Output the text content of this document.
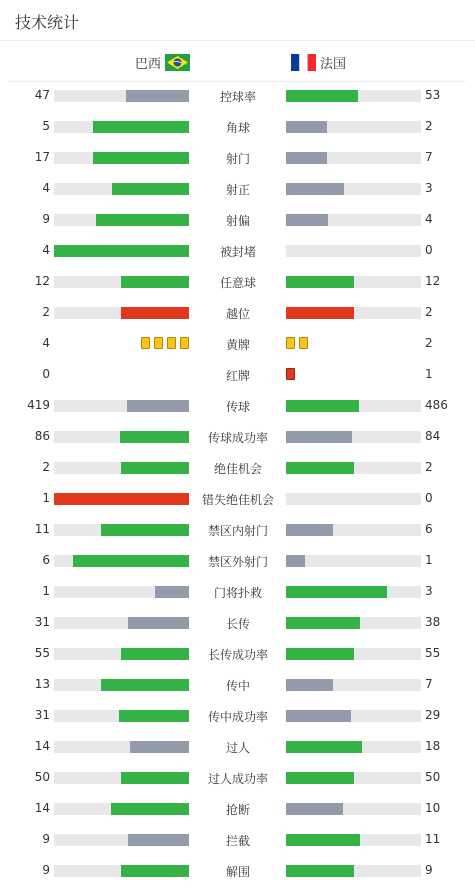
技术统计
巴西	法国
47	控球率	53
5	角球	2
17	射门	7
4	射正	3
9	射偏	4
4	被封堵	0
12	任意球	12
2	越位	2
4	黄牌	2
0	红牌	1
419	传球	486
86	传球成功率	84
2	绝佳机会	2
1	错失绝佳机会	0
11	禁区内射门	6
6	禁区外射门	1
1	门将扑救	3
31	长传	38
55	长传成功率	55
13	传中	7
31	传中成功率	29
14	过人	18
50	过人成功率	50
14	抢断	10
9	拦截	11
9	解围	9
